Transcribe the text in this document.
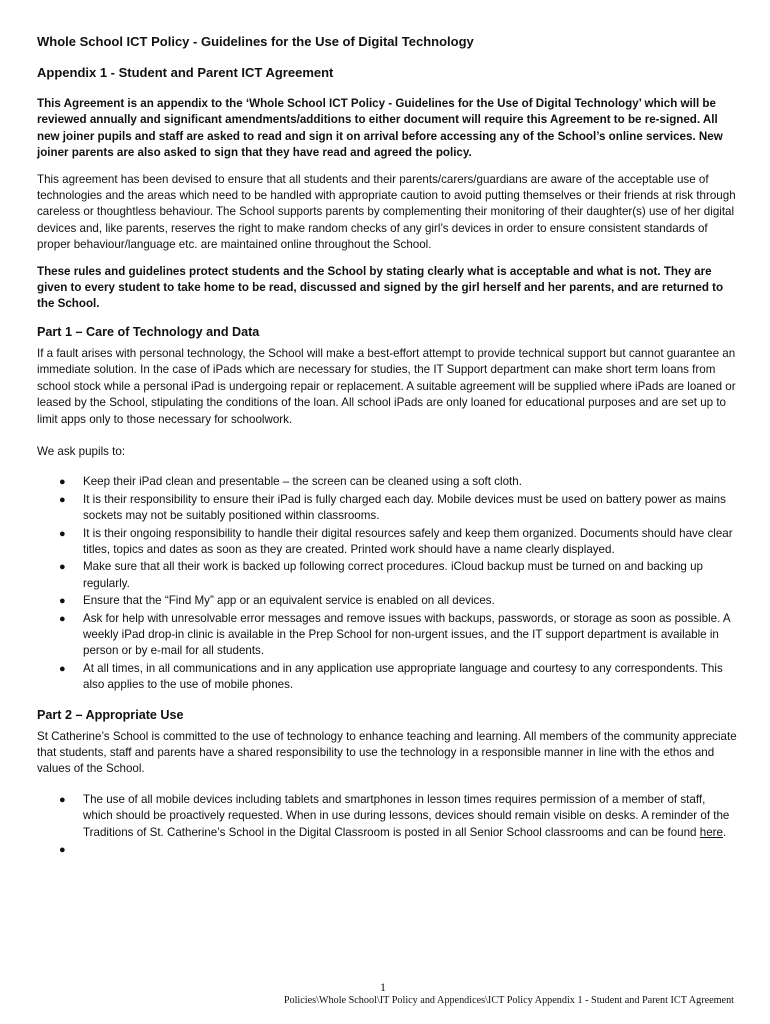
Whole School ICT Policy - Guidelines for the Use of Digital Technology
Appendix 1 - Student and Parent ICT Agreement

This Agreement is an appendix to the ‘Whole School ICT Policy - Guidelines for the Use of Digital Technology’ which will be reviewed annually and significant amendments/additions to either document will require this Agreement to be re-signed. All new joiner pupils and staff are asked to read and sign it on arrival before accessing any of the School’s online services. New joiner parents are also asked to sign that they have read and agreed the policy.

This agreement has been devised to ensure that all students and their parents/carers/guardians are aware of the acceptable use of technologies and the areas which need to be handled with appropriate caution to avoid putting themselves or their friends at risk through careless or thoughtless behaviour. The School supports parents by complementing their monitoring of their daughter(s) use of her digital devices and, like parents, reserves the right to make random checks of any girl’s devices in order to ensure consistent standards of proper behaviour/language etc. are maintained online throughout the School.

These rules and guidelines protect students and the School by stating clearly what is acceptable and what is not. They are given to every student to take home to be read, discussed and signed by the girl herself and her parents, and are returned to the School.

Part 1 – Care of Technology and Data

If a fault arises with personal technology, the School will make a best-effort attempt to provide technical support but cannot guarantee an immediate solution. In the case of iPads which are necessary for studies, the IT Support department can make short term loans from school stock while a personal iPad is undergoing repair or replacement. A suitable agreement will be supplied where iPads are loaned or leased by the School, stipulating the conditions of the loan. All school iPads are only loaned for educational purposes and are set up to limit apps only to those necessary for schoolwork.

We ask pupils to:

● Keep their iPad clean and presentable – the screen can be cleaned using a soft cloth.
● It is their responsibility to ensure their iPad is fully charged each day. Mobile devices must be used on battery power as mains sockets may not be suitably positioned within classrooms.
● It is their ongoing responsibility to handle their digital resources safely and keep them organized. Documents should have clear titles, topics and dates as soon as they are created. Printed work should have a name clearly displayed.
● Make sure that all their work is backed up following correct procedures. iCloud backup must be turned on and backing up regularly.
● Ensure that the “Find My” app or an equivalent service is enabled on all devices.
● Ask for help with unresolvable error messages and remove issues with backups, passwords, or storage as soon as possible. A weekly iPad drop-in clinic is available in the Prep School for non-urgent issues, and the IT support department is available in person or by e-mail for all students.
● At all times, in all communications and in any application use appropriate language and courtesy to any correspondents. This also applies to the use of mobile phones.
Part 2 – Appropriate Use

St Catherine’s School is committed to the use of technology to enhance teaching and learning. All members of the community appreciate that students, staff and parents have a shared responsibility to use the technology in a responsible manner in line with the ethos and values of the School.

● The use of all mobile devices including tablets and smartphones in lesson times requires permission of a member of staff, which should be proactively requested. When in use during lessons, devices should remain visible on desks. A reminder of the Traditions of St. Catherine’s School in the Digital Classroom is posted in all Senior School classrooms and can be found here.
●

1
Policies\Whole School\IT Policy and Appendices\ICT Policy Appendix 1 - Student and Parent ICT Agreement
